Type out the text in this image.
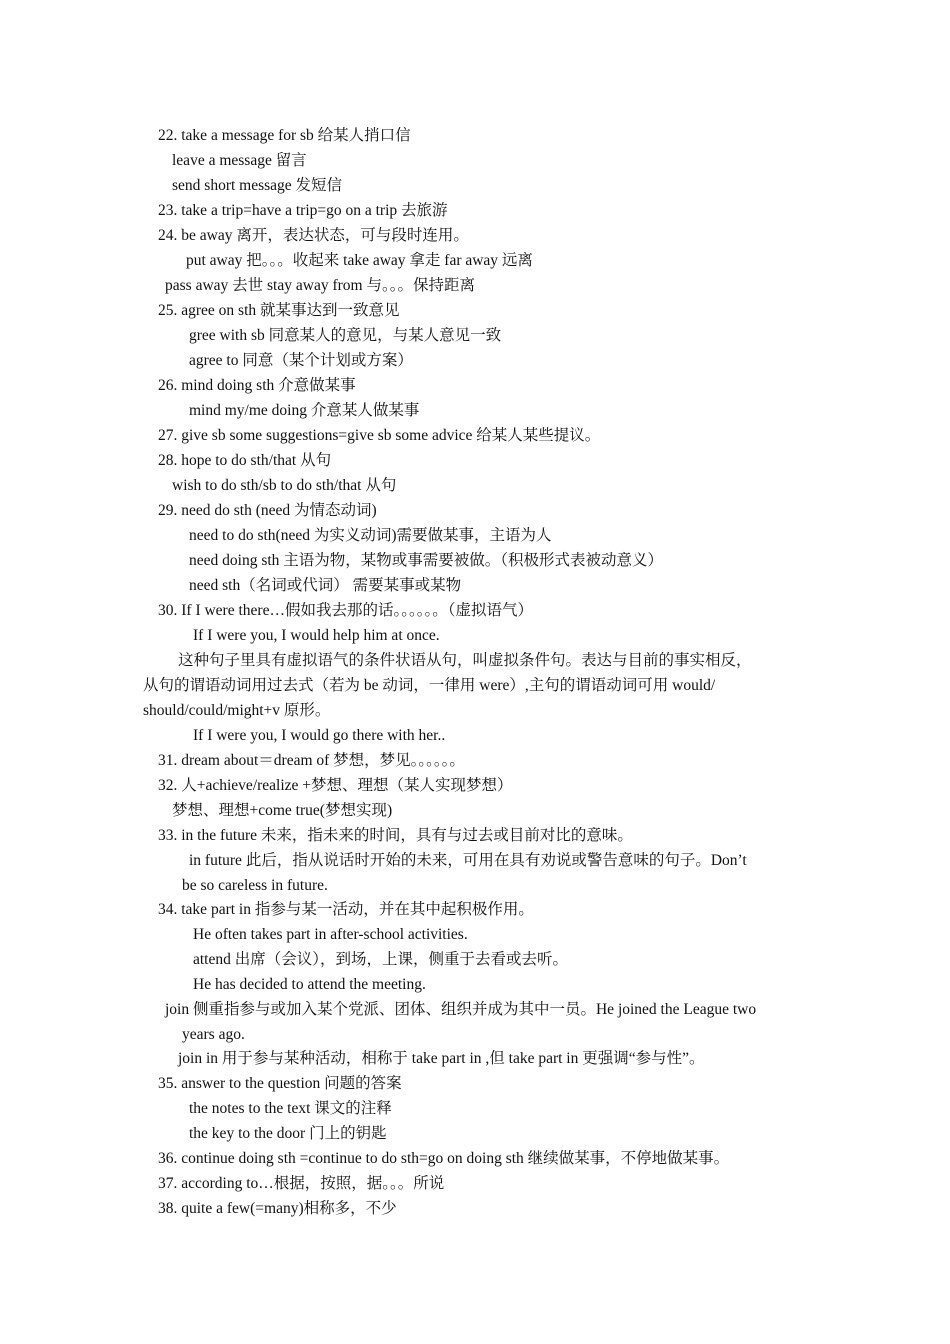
22. take a message for sb 给某人捎口信
leave a message 留言
send short message 发短信
23. take a trip=have a trip=go on a trip 去旅游
24. be away 离开，表达状态，可与段时连用。
put away 把。。。收起来 take away 拿走 far away 远离
pass away 去世 stay away from 与。。。保持距离
25. agree on sth 就某事达到一致意见
gree with sb 同意某人的意见，与某人意见一致
agree to 同意（某个计划或方案）
26. mind doing sth 介意做某事
mind my/me doing 介意某人做某事
27. give sb some suggestions=give sb some advice 给某人某些提议。
28. hope to do sth/that 从句
wish to do sth/sb to do sth/that 从句
29. need do sth (need 为情态动词)
need to do sth(need 为实义动词)需要做某事，主语为人
need doing sth 主语为物，某物或事需要被做。（积极形式表被动意义）
need sth（名词或代词） 需要某事或某物
30. If I were there…假如我去那的话。。。。。。（虚拟语气）
If I were you, I would help him at once.
这种句子里具有虚拟语气的条件状语从句，叫虚拟条件句。表达与目前的事实相反，
从句的谓语动词用过去式（若为 be 动词，一律用 were）,主句的谓语动词可用 would/
should/could/might+v 原形。
If I were you, I would go there with her..
31. dream about＝dream of 梦想，梦见。。。。。。
32. 人+achieve/realize +梦想、理想（某人实现梦想）
梦想、理想+come true(梦想实现)
33. in the future 未来，指未来的时间，具有与过去或目前对比的意味。
in future 此后，指从说话时开始的未来，可用在具有劝说或警告意味的句子。Don’t
be so careless in future.
34. take part in 指参与某一活动，并在其中起积极作用。
He often takes part in after-school activities.
attend 出席（会议），到场，上课，侧重于去看或去听。
He has decided to attend the meeting.
join 侧重指参与或加入某个党派、团体、组织并成为其中一员。He joined the League two
years ago.
join in 用于参与某种活动，相称于 take part in ,但 take part in 更强调“参与性”。
35. answer to the question 问题的答案
the notes to the text 课文的注释
the key to the door 门上的钥匙
36. continue doing sth =continue to do sth=go on doing sth 继续做某事，不停地做某事。
37. according to…根据，按照，据。。。所说
38. quite a few(=many)相称多，不少
